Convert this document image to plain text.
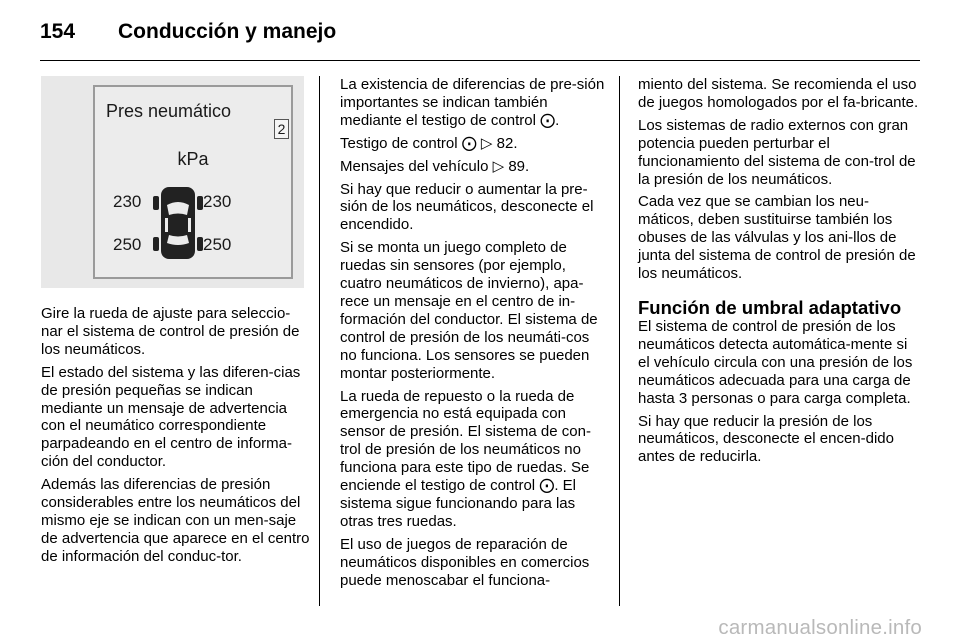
154 Conducción y manejo
Pres neumático
2
kPa
230	230
250	250

Gire la rueda de ajuste para seleccio-nar el sistema de control de presión de los neumáticos.

El estado del sistema y las diferen-cias de presión pequeñas se indican mediante un mensaje de advertencia con el neumático correspondiente parpadeando en el centro de informa-ción del conductor.

Además las diferencias de presión considerables entre los neumáticos del mismo eje se indican con un men-saje de advertencia que aparece en el centro de información del conduc-tor.

La existencia de diferencias de pre-sión importantes se indican también mediante el testigo de control ⨀.

Testigo de control ⨀ ▷ 82.

Mensajes del vehículo ▷ 89.

Si hay que reducir o aumentar la pre-sión de los neumáticos, desconecte el encendido.

Si se monta un juego completo de ruedas sin sensores (por ejemplo, cuatro neumáticos de invierno), apa-rece un mensaje en el centro de in-formación del conductor. El sistema de control de presión de los neumáti-cos no funciona. Los sensores se pueden montar posteriormente.

La rueda de repuesto o la rueda de emergencia no está equipada con sensor de presión. El sistema de con-trol de presión de los neumáticos no funciona para este tipo de ruedas. Se enciende el testigo de control ⨀. El sistema sigue funcionando para las otras tres ruedas.

El uso de juegos de reparación de neumáticos disponibles en comercios puede menoscabar el funciona-

miento del sistema. Se recomienda el uso de juegos homologados por el fa-bricante.

Los sistemas de radio externos con gran potencia pueden perturbar el funcionamiento del sistema de con-trol de la presión de los neumáticos.

Cada vez que se cambian los neu-máticos, deben sustituirse también los obuses de las válvulas y los ani-llos de junta del sistema de control de presión de los neumáticos.

Función de umbral adaptativo

El sistema de control de presión de los neumáticos detecta automática-mente si el vehículo circula con una presión de los neumáticos adecuada para una carga de hasta 3 personas o para carga completa.

Si hay que reducir la presión de los neumáticos, desconecte el encen-dido antes de reducirla.

carmanualsonline.info
